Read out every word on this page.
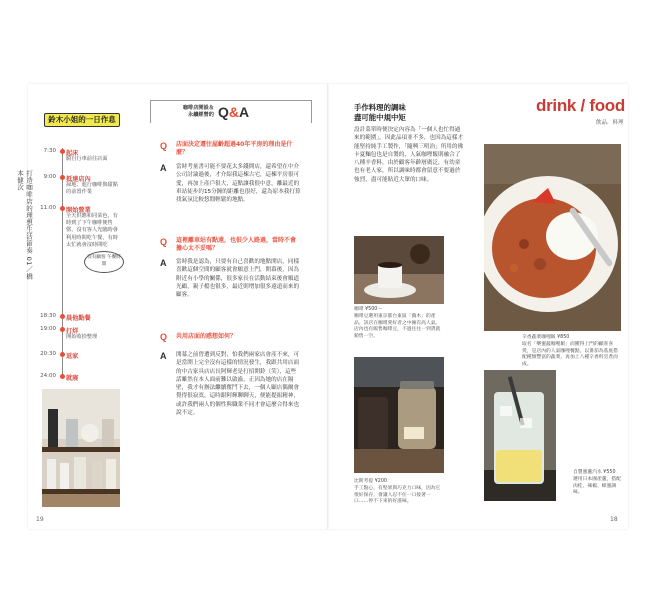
打造咖啡店的理想生活節奏 01／橋本健次
鈴木小姐的一日作息
7:30 起床
騎自行車前往店面
9:00 抵達店內
掃地、進行咖啡與甜點的前置作業
11:00 開始營業
全天供應和同菜色，有時到了下午咖啡便售罄，沒有客人光臨時會利用時間吃午餐，有時太忙就會沒時間吃
18:30 晨他點餐
19:00 打烊
開始收拾整理
20:30 返家
24:00 就寢
沒有顧客 午餐時間
咖啡店開設＆
永續經營的 Q&A
Q 店面決定遷往屋齡超過40年平房的理由是什麼？
A 當時考量書可能不要花太多錢開店，還希望在中介公司討論過後，才介紹我這棟古宅，這棟平房很可愛，再加上產戶很大，這點讓我很中意，離最近的車站徒步約15分鐘的距離也很好，還為原本我打算找氣氛比較悠閒輕鬆的地點。
Q 這裡離車站有點遠，也很少人路過，當時不會擔心太不妥嗎？
A 當時我是認為，只要有自己喜歡的地點開店，同樣喜歡這個空間的顧客就會願意上門，開幕後，因為附近有小學的關係，很多家長在活動結束後會順道光顧，親子檔也很多，最近則增加很多遠道而來的顧客。
Q 共用店面的感想如何？
A 開幕之前曾遭到反對，怕我們兩家店會產不來，可是當開上完全沒有這樣的情況發生，我跟共用店面的中古家具店店長阿輝老是打招開鈴（笑），這些話雖然在本人面前難以啟齒，正因為她的店在隔壁，我才有辦法繼續奮鬥下去，一個人顧店偶爾會覺得很寂寞，這時跟阿輝聊聊天，便能提振精神，或許我們兩人的個性與職業不同才會這麼合得來也說不定。
19
drink / food
飲品．料理
手作料理的調味
盡可能中規中矩
設計菜單時便決定內容為「一個人也忙得過來的範圍」，因此品項並不多，也因為這樣才能堅持純手工製作，「隨興三明治」所用的佛卡夏麵包也是自製的，人氣咖哩飯則融合了八種辛香料，由於顧客年齡層廣泛，有幼童也有老人家，所以調味時都會留意不要過於強烈，盡可能貼近大眾的口味。
咖啡 ¥500～
咖啡豆選用東京都台東區「蕪木」的產品，該店在咖啡愛好者之中擁有高人氣。店內也有販售咖啡豆，不過往往一到貨就銷售一空。	辛香蔬菜咖哩飯 ¥850
取名「樂蜜蔬咖哩飯」而獲得上門的顧客喜愛，是店內的人氣咖哩餐點，以番茄為基底搭配種類豐富的蔬菜，再加上八種辛香料烹煮而成。
比斯考提 ¥200
手工點心，有堅果與巧克力口味，因為它很好保存，會讓人忍不住一口接著一口……停不下來的好滋味。
自製蜜蘆汽水 ¥550
選用日本國產蘆，搭配肉桂、辣椒、蜂蜜調味。
18
